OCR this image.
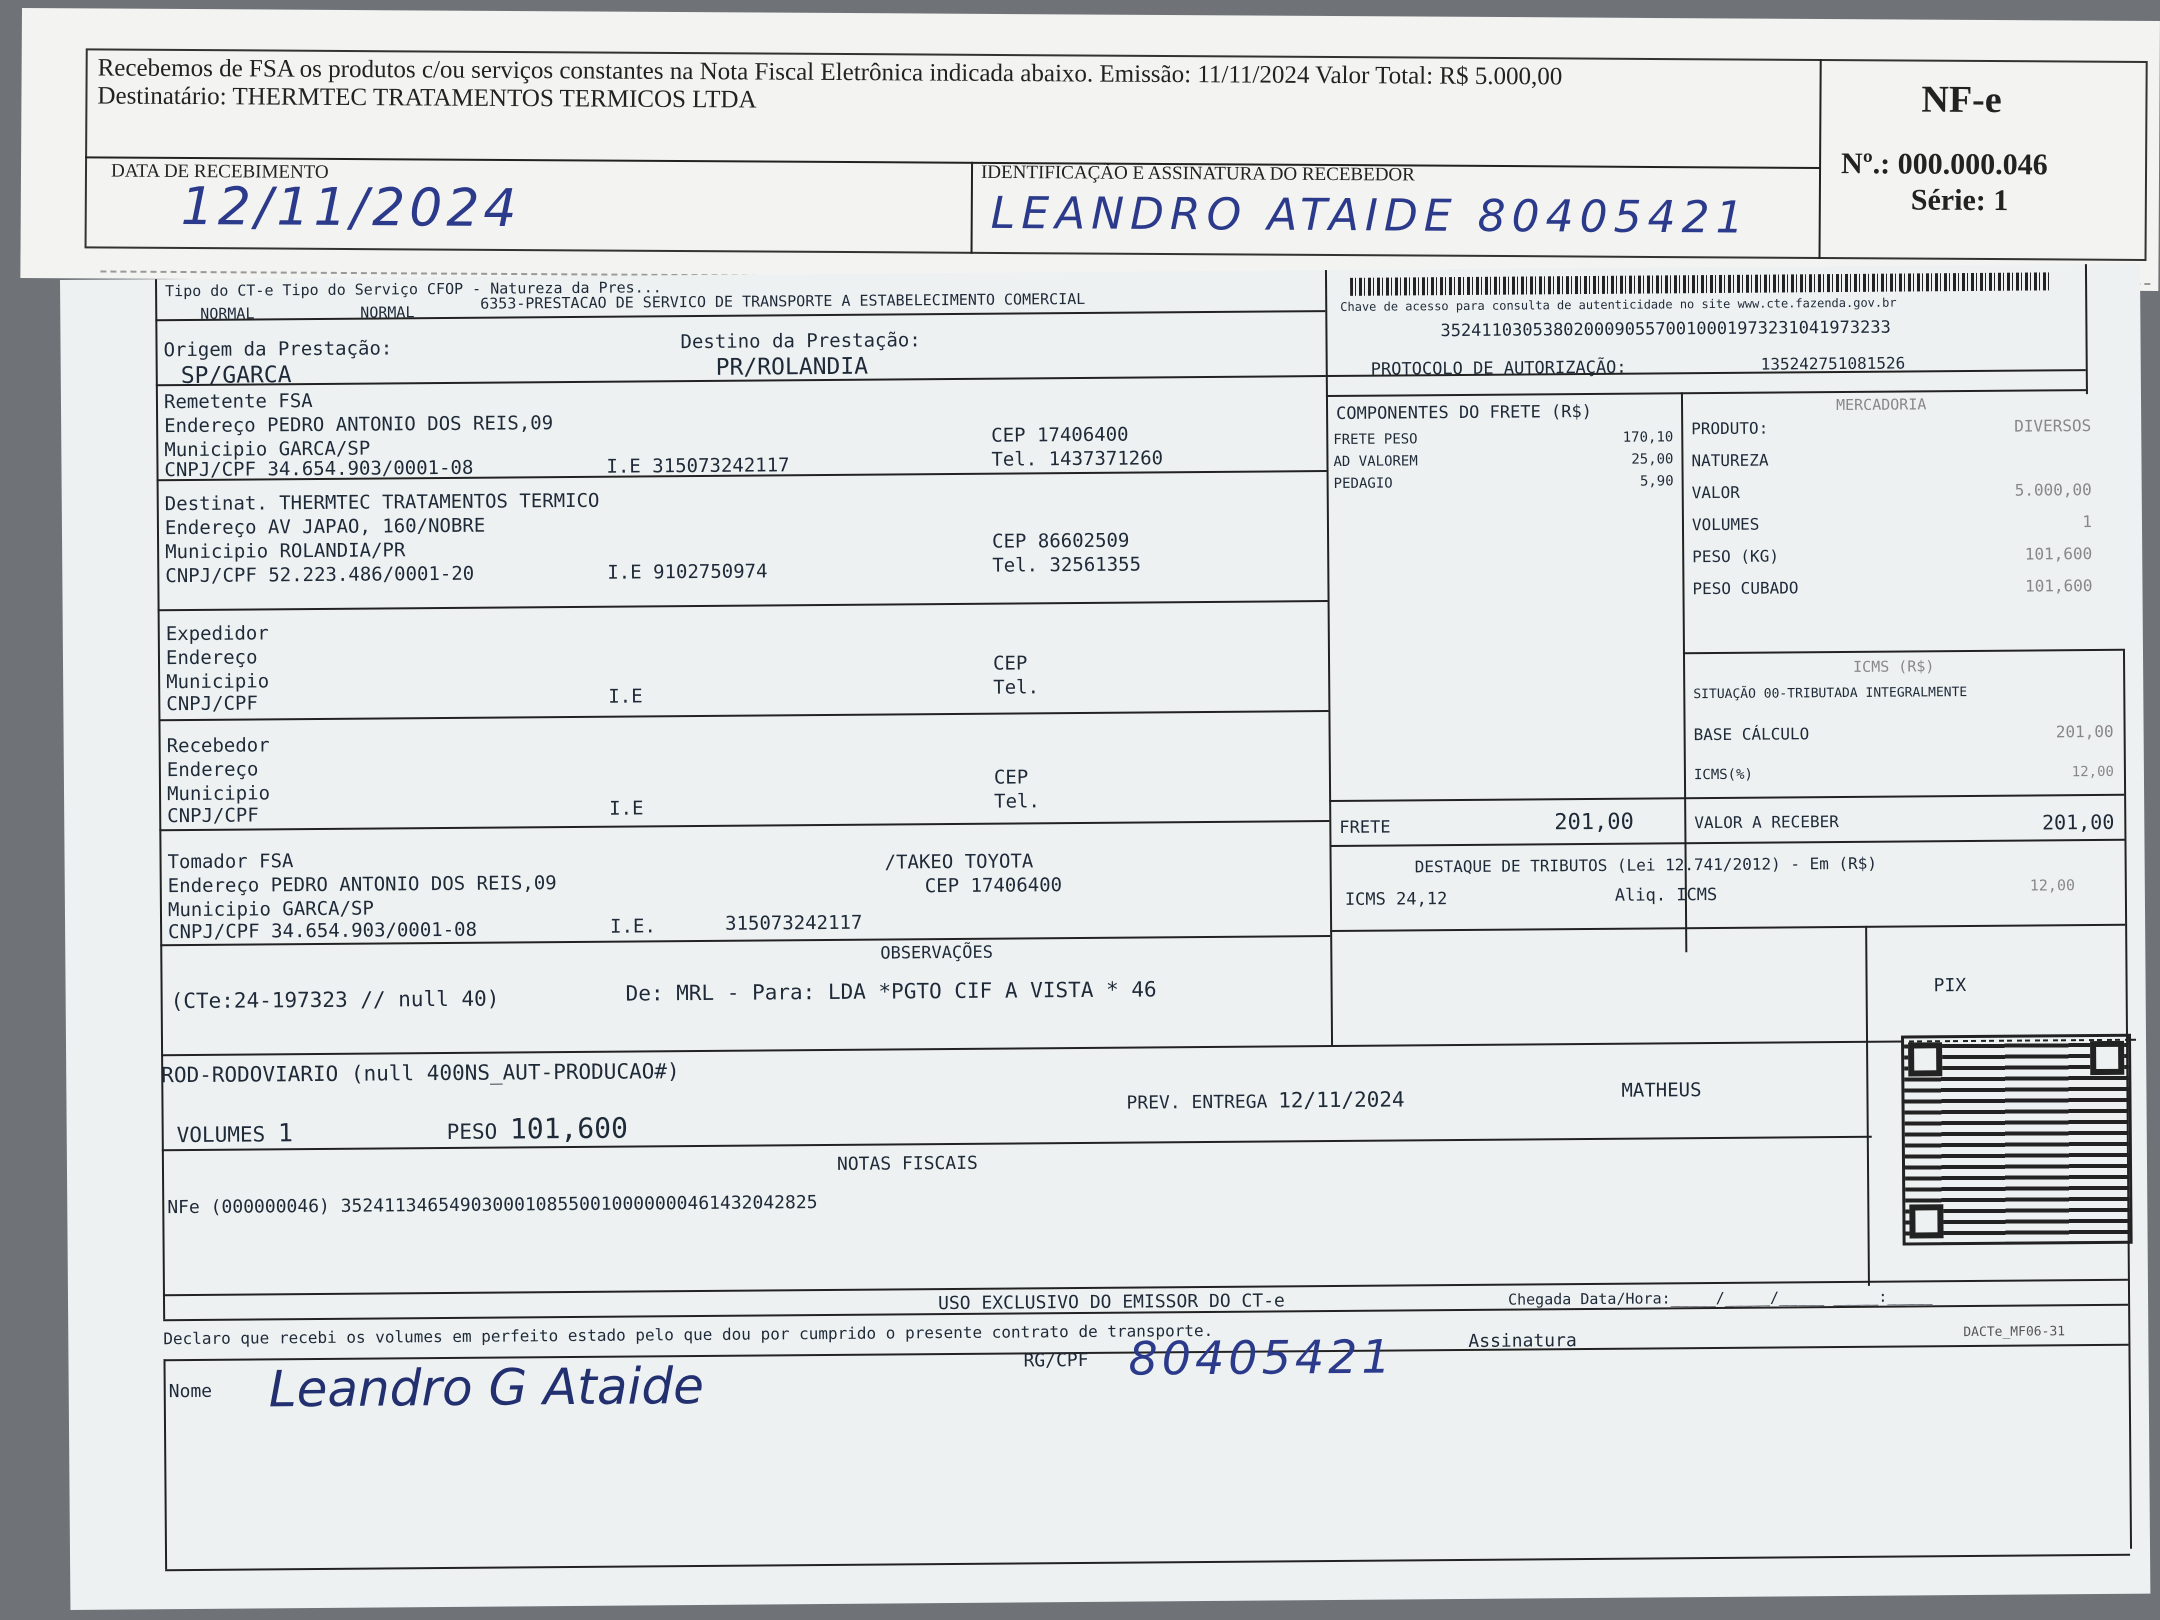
Recebemos de FSA os produtos c/ou serviços constantes na Nota Fiscal Eletrônica indicada abaixo. Emissão: 11/11/2024 Valor Total: R$ 5.000,00
Destinatário: THERMTEC TRATAMENTOS TERMICOS LTDA
DATA DE RECEBIMENTO
12/11/2024
IDENTIFICAÇÃO E ASSINATURA DO RECEBEDOR
LEANDRO ATAIDE 80405421
NF-e
Nº.: 000.000.046
Série: 1
Tipo do CT-e Tipo do Serviço CFOP - Natureza da Pres...
NORMAL	NORMAL	6353-PRESTACAO DE SERVICO DE TRANSPORTE A ESTABELECIMENTO COMERCIAL	Chave de acesso para consulta de autenticidade no site www.cte.fazenda.gov.br
35241103053802000905570010001973231041973233
PROTOCOLO DE AUTORIZAÇÃO:	135242751081526
Origem da Prestação:
SP/GARCA
Destino da Prestação:
PR/ROLANDIA
Remetente FSA
Endereço PEDRO ANTONIO DOS REIS,09
Municipio GARCA/SP
CNPJ/CPF 34.654.903/0001-08	I.E 315073242117
CEP 17406400
Tel. 1437371260
Destinat. THERMTEC TRATAMENTOS TERMICO
Endereço AV JAPAO, 160/NOBRE
Municipio ROLANDIA/PR
CNPJ/CPF 52.223.486/0001-20	I.E 9102750974
CEP 86602509
Tel. 32561355
Expedidor
Endereço
Municipio
CNPJ/CPF	I.E
CEP
Tel.
Recebedor
Endereço
Municipio
CNPJ/CPF	I.E
CEP
Tel.
Tomador FSA
Endereço PEDRO ANTONIO DOS REIS,09
/TAKEO TOYOTA
Municipio GARCA/SP
CEP 17406400
CNPJ/CPF 34.654.903/0001-08	I.E.	315073242117
COMPONENTES DO FRETE (R$)
FRETE PESO	170,10
AD VALOREM	25,00
PEDAGIO	5,90
FRETE	201,00
MERCADORIA
PRODUTO:	DIVERSOS
NATUREZA
VALOR	5.000,00
VOLUMES	1
PESO (KG)	101,600
PESO CUBADO	101,600
ICMS (R$)
SITUAÇÃO 00-TRIBUTADA INTEGRALMENTE
BASE CÁLCULO	201,00
ICMS(%)	12,00
VALOR A RECEBER	201,00
DESTAQUE DE TRIBUTOS (Lei 12.741/2012) - Em (R$)
ICMS 24,12	Aliq. ICMS	12,00
OBSERVAÇÕES
(CTe:24-197323 // null 40)	De: MRL - Para: LDA *PGTO CIF A VISTA * 46
ROD-RODOVIARIO (null 400NS_AUT-PRODUCAO#)
VOLUMES 1	PESO 101,600
PREV. ENTREGA 12/11/2024	MATHEUS
PIX
NOTAS FISCAIS
NFe (000000046) 35241134654903000108550010000000461432042825
USO EXCLUSIVO DO EMISSOR DO CT-e	Chegada Data/Hora:_____/_____/_____ _____:_____
Declaro que recebi os volumes em perfeito estado pelo que dou por cumprido o presente contrato de transporte.
Nome Leandro G Ataide	RG/CPF 80405421	Assinatura	DACTe_MF06-31
